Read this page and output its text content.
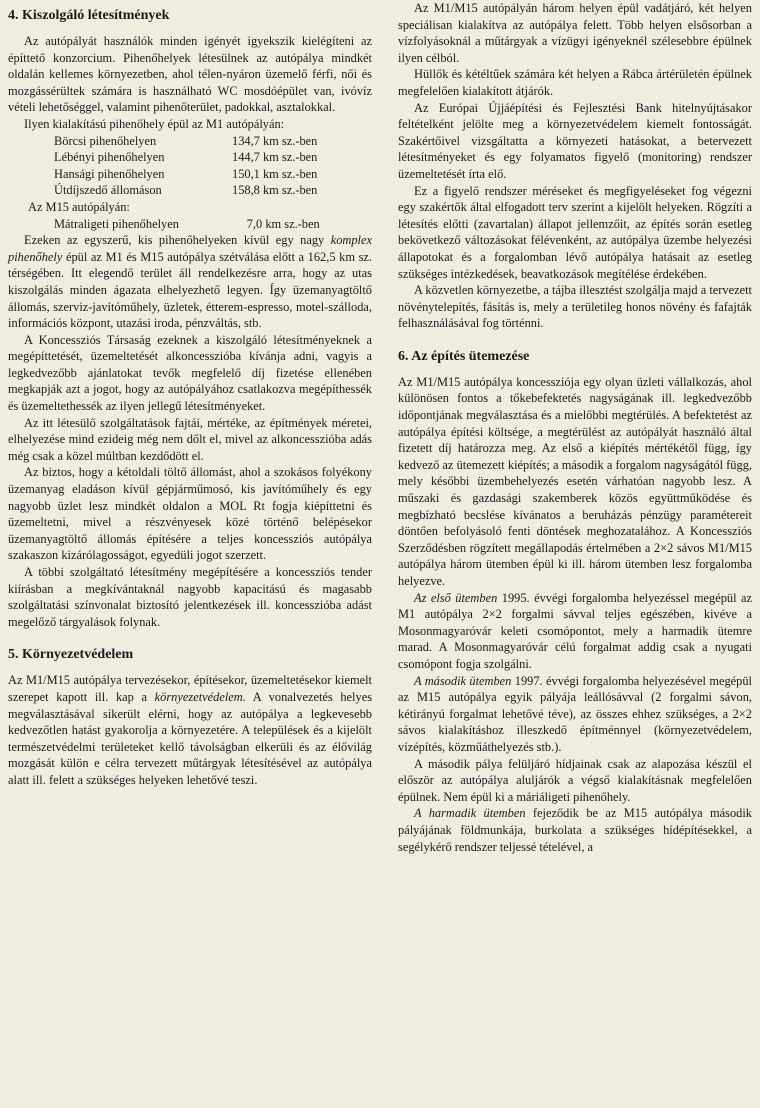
4. Kiszolgáló létesítmények

Az autópályát használók minden igényét igyekszik kielégíteni az építtető konzorcium. Pihenőhelyek létesülnek az autópálya mindkét oldalán kellemes környezetben, ahol télen-nyáron üzemelő férfi, női és mozgássérültek számára is használható WC mosdóépület van, ivóvíz vételi lehetőséggel, valamint pihenőterület, padokkal, asztalokkal.

Ilyen kialakítású pihenőhely épül az M1 autópályán:
Börcsi pihenőhelyen	134,7 km sz.-ben
Lébényi pihenőhelyen	144,7 km sz.-ben
Hansági pihenőhelyen	150,1 km sz.-ben
Útdíjszedő állomáson	158,8 km sz.-ben
Az M15 autópályán:
Mátraligeti pihenőhelyen	7,0 km sz.-ben

Ezeken az egyszerű, kis pihenőhelyeken kívül egy nagy komplex pihenőhely épül az M1 és M15 autópálya szétválása előtt a 162,5 km sz. térségében. Itt elegendő terület áll rendelkezésre arra, hogy az utas kiszolgálás minden ágazata elhelyezhető legyen. Így üzemanyagtöltő állomás, szerviz-javítóműhely, üzletek, étterem-espresso, motel-szálloda, információs központ, utazási iroda, pénzváltás, stb.

A Koncessziós Társaság ezeknek a kiszolgáló létesítményeknek a megépíttetését, üzemeltetését alkoncesszióba kívánja adni, vagyis a legkedvezőbb ajánlatokat tevők megfelelő díj fizetése ellenében megkapják azt a jogot, hogy az autópályához csatlakozva megépíthessék és üzemeltethessék az ilyen jellegű létesítményeket.

Az itt létesülő szolgáltatások fajtái, mértéke, az építmények méretei, elhelyezése mind ezideig még nem dőlt el, mivel az alkoncesszióba adás még csak a közel múltban kezdődött el.

Az biztos, hogy a kétoldali töltő állomást, ahol a szokásos folyékony üzemanyag eladáson kívül gépjárműmosó, kis javítóműhely és egy nagyobb üzlet lesz mindkét oldalon a MOL Rt fogja kiépíttetni és üzemeltetni, mivel a részvényesek közé történő belépésekor üzemanyagtöltő állomás építésére a teljes koncessziós autópálya szakaszon kizárólagosságot, egyedüli jogot szerzett.

A többi szolgáltató létesítmény megépítésére a koncessziós tender kiírásban a megkívántaknál nagyobb kapacitású és magasabb szolgáltatási színvonalat biztosító jelentkezések ill. koncesszióba adást megelőző tárgyalások folynak.

5. Környezetvédelem

Az M1/M15 autópálya tervezésekor, építésekor, üzemeltetésekor kiemelt szerepet kapott ill. kap a környezetvédelem. A vonalvezetés helyes megválasztásával sikerült elérni, hogy az autópálya a legkevesebb kedvezőtlen hatást gyakorolja a környezetére. A települések és a kijelölt természetvédelmi területeket kellő távolságban elkerüli és az élővilág mozgását külön e célra tervezett műtárgyak létesítésével az autópálya alatt ill. felett a szükséges helyeken lehetővé teszi.

Az M1/M15 autópályán három helyen épül vadátjáró, két helyen speciálisan kialakítva az autópálya felett. Több helyen elsősorban a vízfolyásoknál a műtárgyak a vízügyi igényeknél szélesebbre épülnek ilyen célból.

Hüllők és kétéltűek számára két helyen a Rábca ártérületén épülnek megfelelően kialakított átjárók.

Az Európai Újjáépítési és Fejlesztési Bank hitelnyújtásakor feltételként jelölte meg a környezetvédelem kiemelt fontosságát. Szakértőivel vizsgáltatta a környezeti hatásokat, a betervezett létesítményeket és egy folyamatos figyelő (monitoring) rendszer üzemeltetését írta elő.

Ez a figyelő rendszer méréseket és megfigyeléseket fog végezni egy szakértők által elfogadott terv szerint a kijelölt helyeken. Rögzíti a létesítés előtti (zavartalan) állapot jellemzőit, az építés során esetleg bekövetkező változásokat félévenként, az autópálya üzembe helyezési állapotokat és a forgalomban lévő autópálya hatásait az esetleg szükséges intézkedések, beavatkozások megítélése érdekében.

A közvetlen környezetbe, a tájba illesztést szolgálja majd a tervezett növénytelepítés, fásítás is, mely a területileg honos növény és fafajták felhasználásával fog történni.

6. Az építés ütemezése

Az M1/M15 autópálya koncessziója egy olyan üzleti vállalkozás, ahol különösen fontos a tőkebefektetés nagyságának ill. legkedvezőbb időpontjának megválasztása és a mielőbbi megtérülés. A befektetést az autópálya építési költsége, a megtérülést az autópályát használó által fizetett díj határozza meg. Az első a kiépítés mértékétől függ, így kedvező az ütemezett kiépítés; a második a forgalom nagyságától függ, mely későbbi üzembehelyezés esetén várhatóan nagyobb lesz. A műszaki és gazdasági szakemberek közös együttműködése és megbízható becslése kívánatos a beruházás pénzügy paramétereit döntően befolyásoló fenti döntések meghozatalához. A Koncessziós Szerződésben rögzített megállapodás értelmében a 2×2 sávos M1/M15 autópálya három ütemben épül ki ill. három ütemben lesz forgalomba helyezve.

Az első ütemben 1995. évvégi forgalomba helyezéssel megépül az M1 autópálya 2×2 forgalmi sávval teljes egészében, kivéve a Mosonmagyaróvár keleti csomópontot, mely a harmadik ütemre marad. A Mosonmagyaróvár célú forgalmat addig csak a nyugati csomópont fogja szolgálni.

A második ütemben 1997. évvégi forgalomba helyezésével megépül az M15 autópálya egyik pályája leállósávval (2 forgalmi sávon, kétirányú forgalmat lehetővé téve), az összes ehhez szükséges, a 2×2 sávos kialakításhoz illeszkedő építménnyel (környezetvédelem, vízépítés, közműáthelyezés stb.).

A második pálya felüljáró hídjainak csak az alapozása készül el először az autópálya aluljárók a végső kialakításnak megfelelően épülnek. Nem épül ki a máriáligeti pihenőhely.

A harmadik ütemben fejeződik be az M15 autópálya második pályájának földmunkája, burkolata a szükséges hídépítésekkel, a segélykérő rendszer teljessé tételével, a
